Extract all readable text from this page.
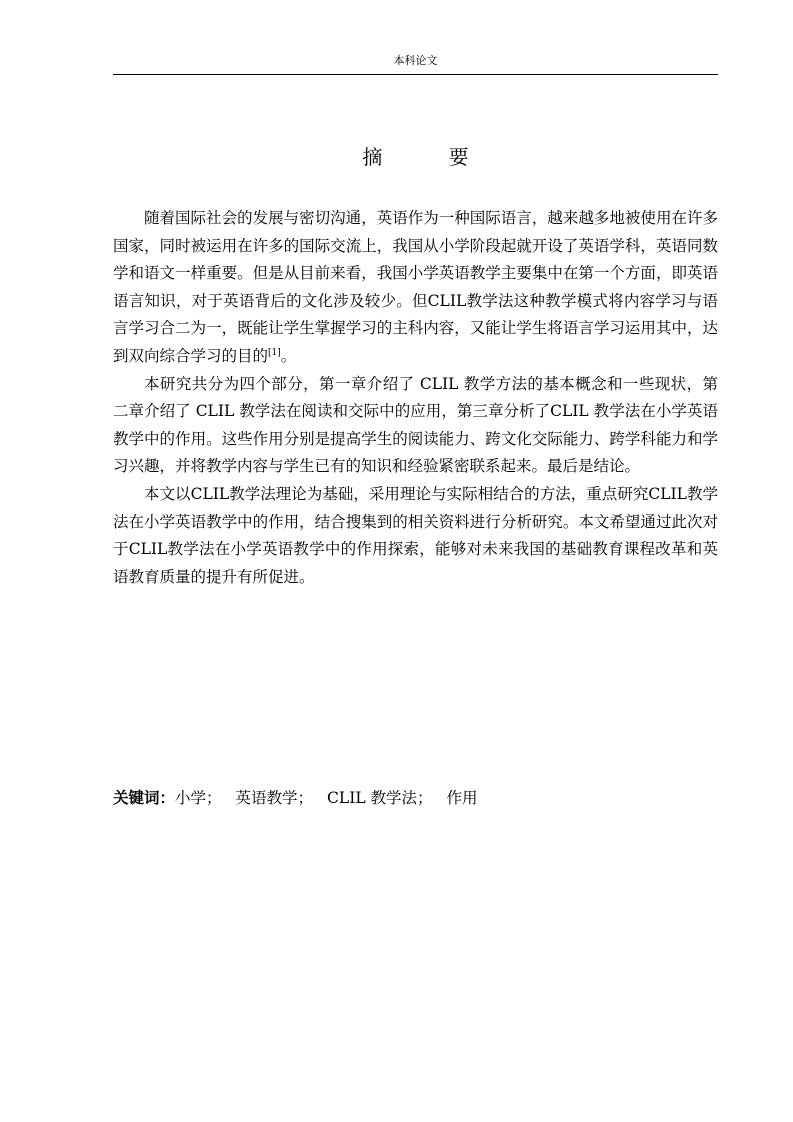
本科论文
摘 要

随着国际社会的发展与密切沟通，英语作为一种国际语言，越来越多地被使用在许多国家，同时被运用在许多的国际交流上，我国从小学阶段起就开设了英语学科，英语同数学和语文一样重要。但是从目前来看，我国小学英语教学主要集中在第一个方面，即英语语言知识，对于英语背后的文化涉及较少。但CLIL教学法这种教学模式将内容学习与语言学习合二为一，既能让学生掌握学习的主科内容，又能让学生将语言学习运用其中，达到双向综合学习的目的[1]。

本研究共分为四个部分，第一章介绍了 CLIL 教学方法的基本概念和一些现状，第二章介绍了 CLIL 教学法在阅读和交际中的应用，第三章分析了CLIL 教学法在小学英语教学中的作用。这些作用分别是提高学生的阅读能力、跨文化交际能力、跨学科能力和学习兴趣，并将教学内容与学生已有的知识和经验紧密联系起来。最后是结论。

本文以CLIL教学法理论为基础，采用理论与实际相结合的方法，重点研究CLIL教学法在小学英语教学中的作用，结合搜集到的相关资料进行分析研究。本文希望通过此次对于CLIL教学法在小学英语教学中的作用探索，能够对未来我国的基础教育课程改革和英语教育质量的提升有所促进。

关键词：小学； 英语教学； CLIL 教学法； 作用
